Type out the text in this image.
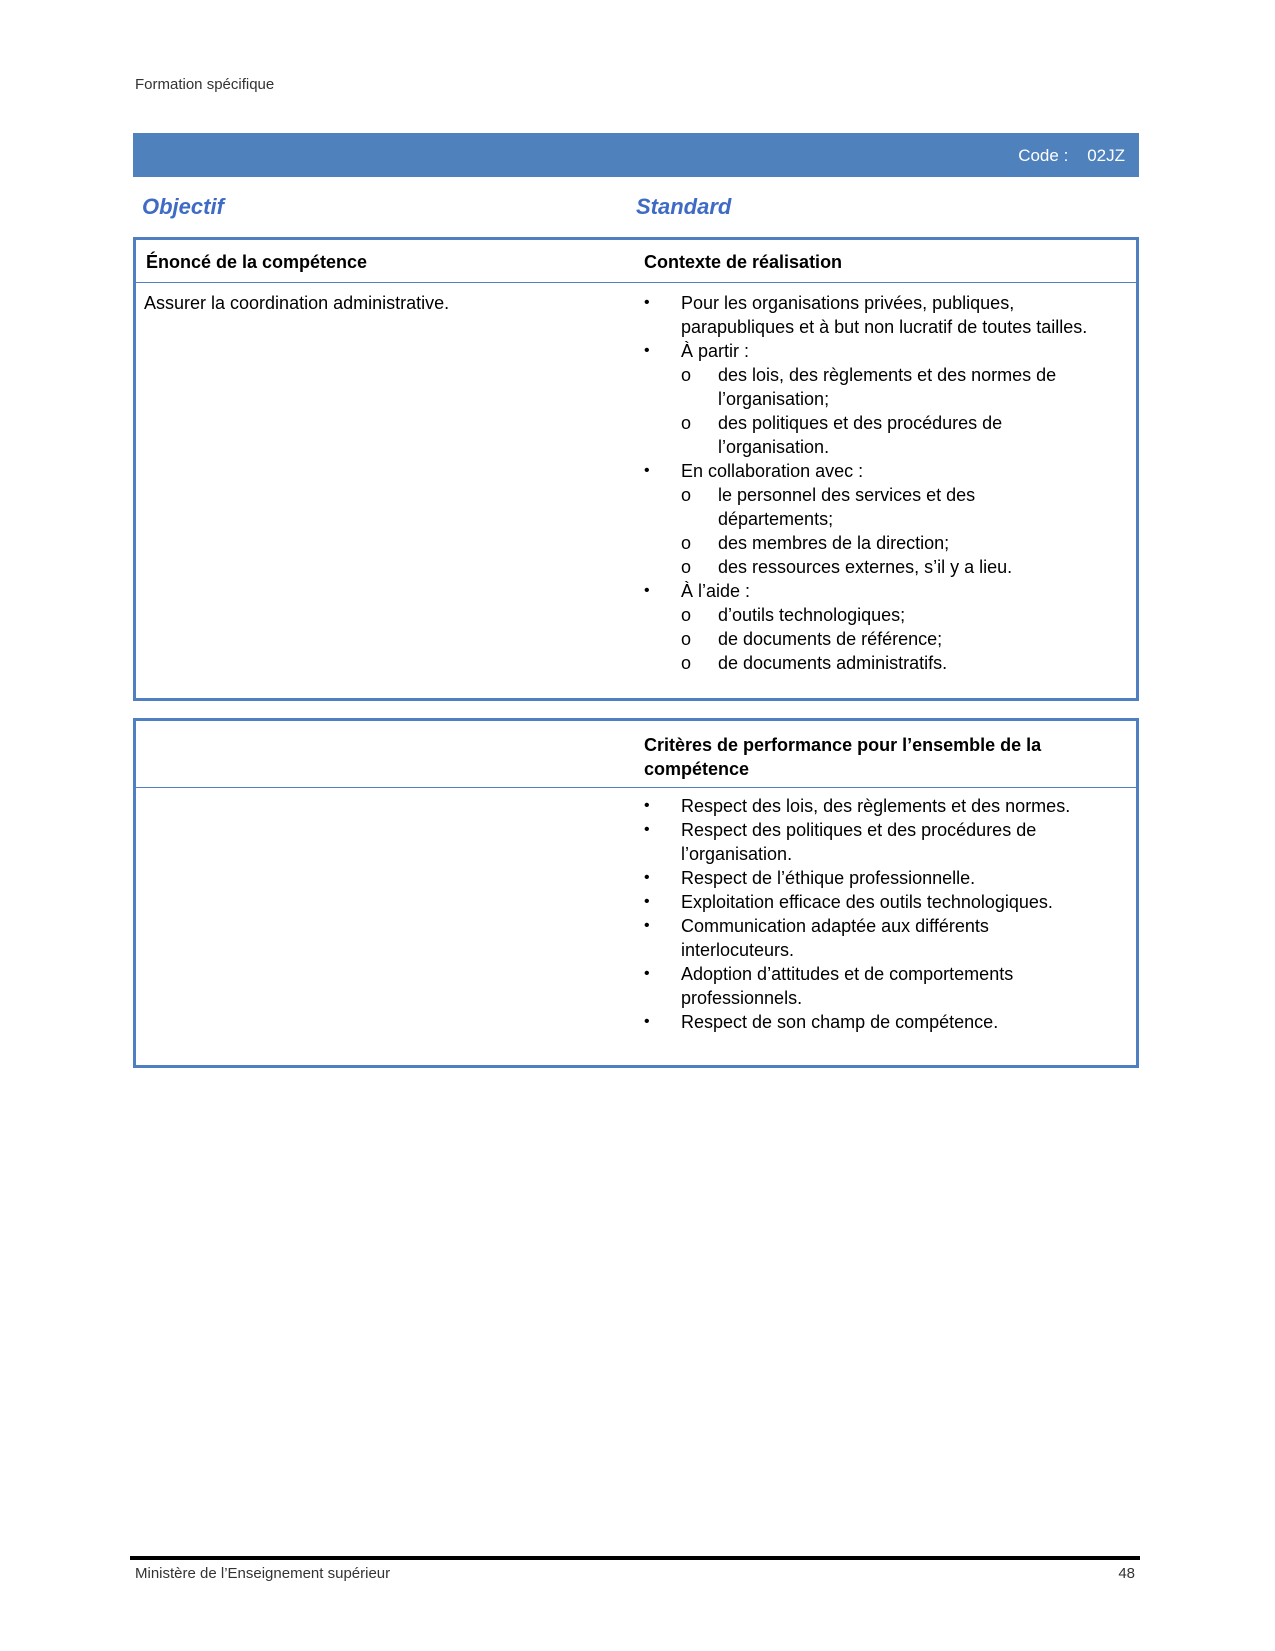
Formation spécifique
Code : 02JZ
Objectif	Standard
Énoncé de la compétence	Contexte de réalisation
Assurer la coordination administrative.
•	Pour les organisations privées, publiques, parapubliques et à but non lucratif de toutes tailles.
• À partir :
o des lois, des règlements et des normes de l’organisation;
o des politiques et des procédures de l’organisation.
• En collaboration avec :
o le personnel des services et des départements;
o des membres de la direction;
o des ressources externes, s’il y a lieu.
• À l’aide :
o d’outils technologiques;
o de documents de référence;
o de documents administratifs.
Critères de performance pour l’ensemble de la compétence
• Respect des lois, des règlements et des normes.
• Respect des politiques et des procédures de l’organisation.
• Respect de l’éthique professionnelle.
• Exploitation efficace des outils technologiques.
• Communication adaptée aux différents interlocuteurs.
• Adoption d’attitudes et de comportements professionnels.
• Respect de son champ de compétence.
Ministère de l’Enseignement supérieur	48
